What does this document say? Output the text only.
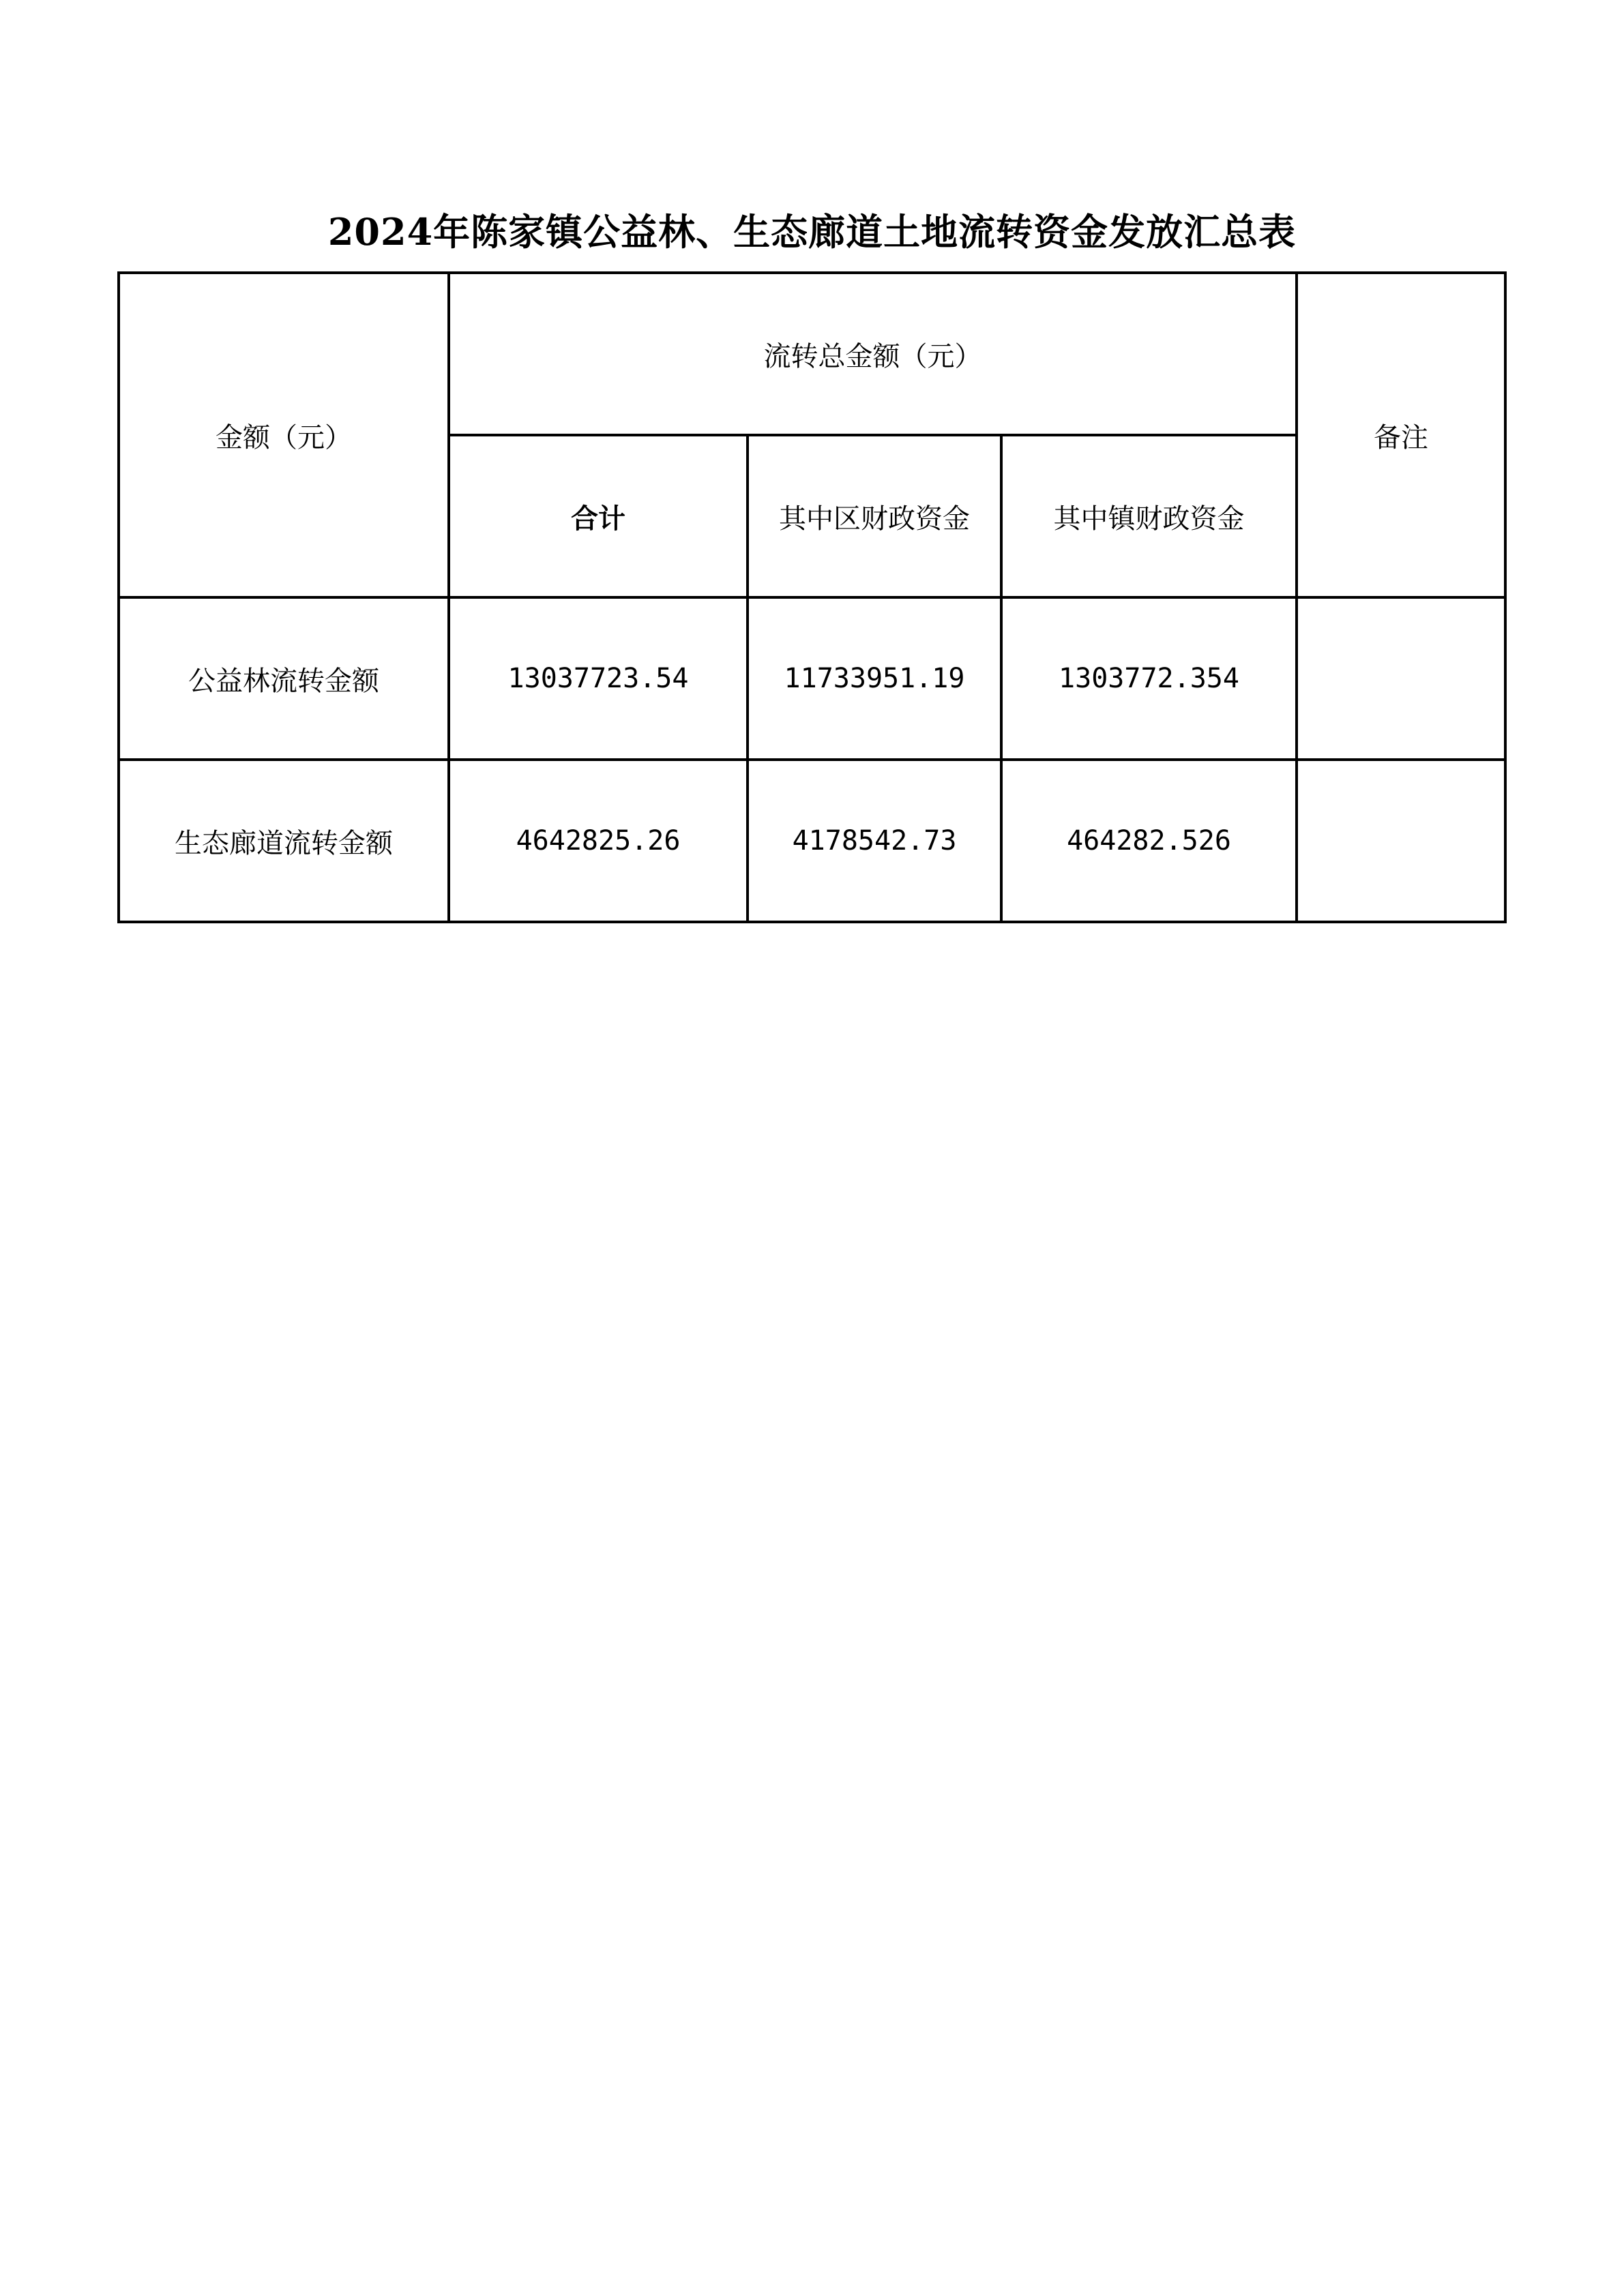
2024年陈家镇公益林、生态廊道土地流转资金发放汇总表
金额（元）	流转总金额（元）			备注
	合计	其中区财政资金	其中镇财政资金	
公益林流转金额	13037723.54	11733951.19	1303772.354	
生态廊道流转金额	4642825.26	4178542.73	464282.526	
